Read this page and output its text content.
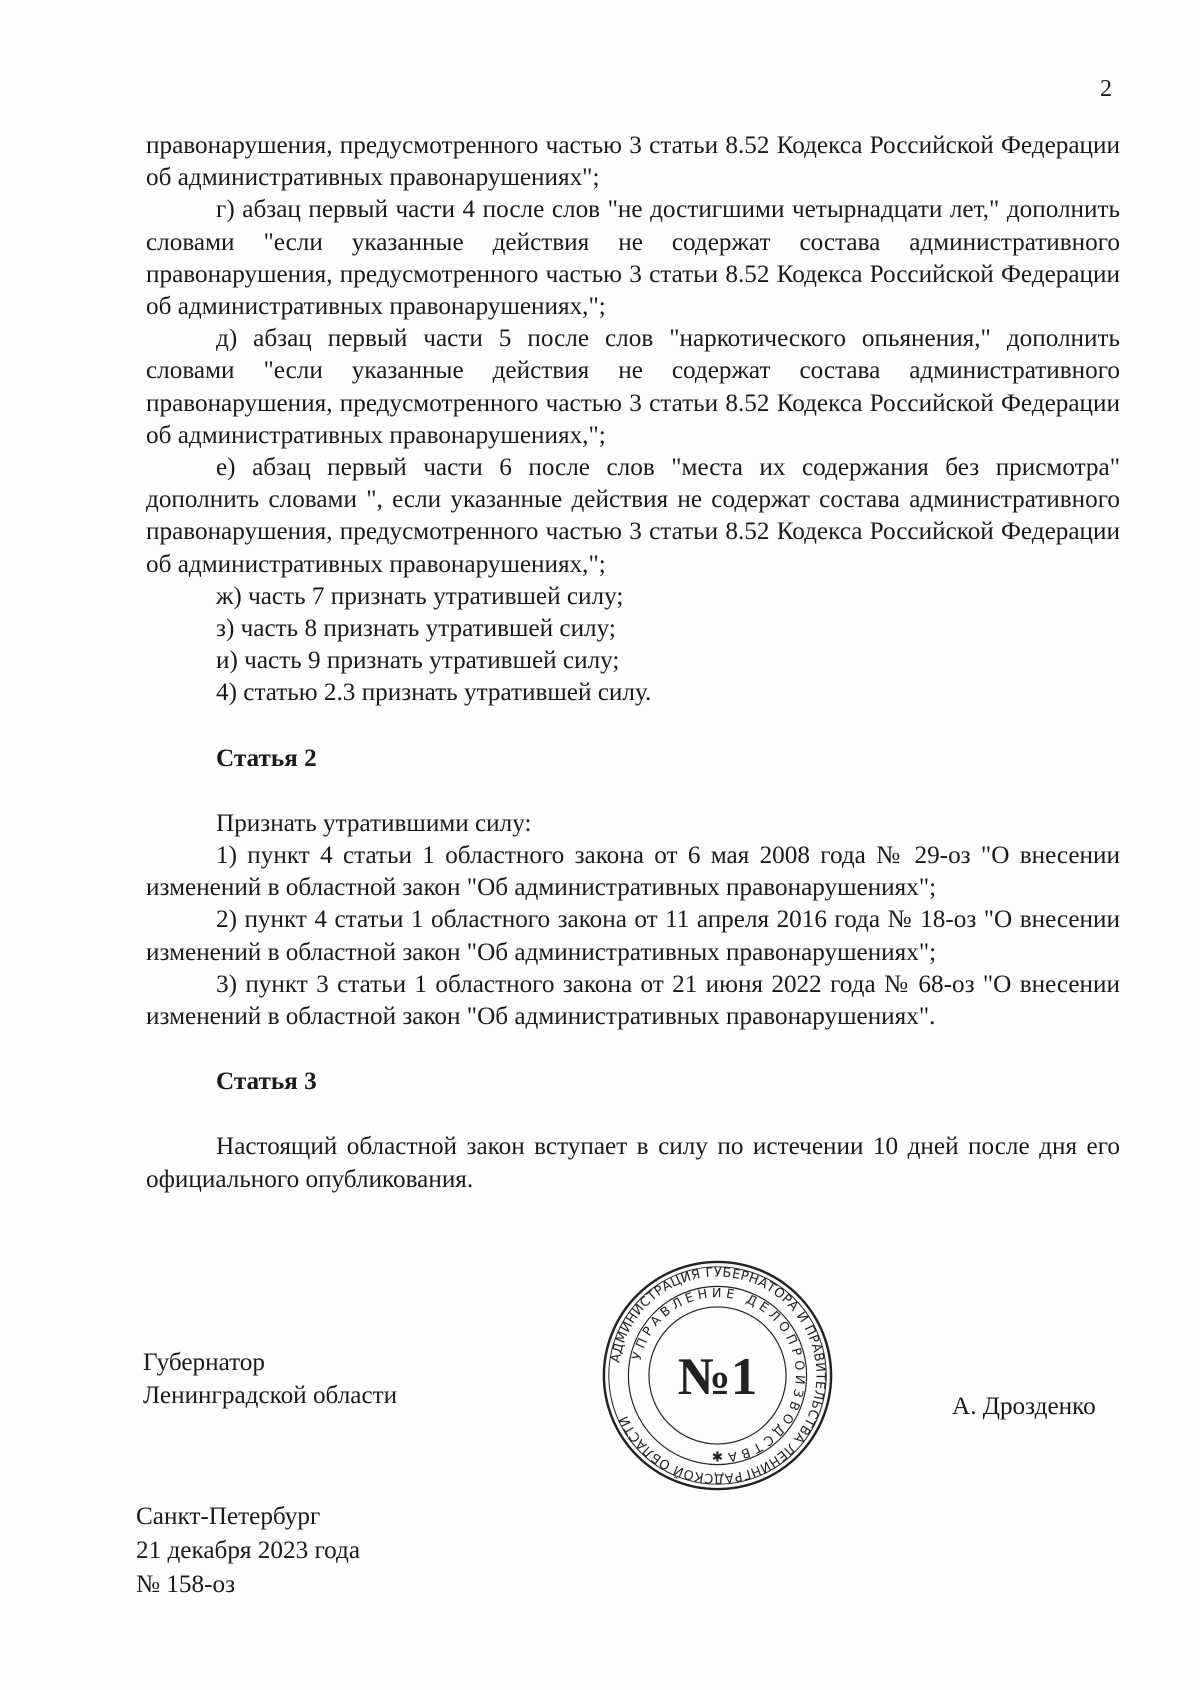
2

правонарушения, предусмотренного частью 3 статьи 8.52 Кодекса Российской Федерации об административных правонарушениях";

г) абзац первый части 4 после слов "не достигшими четырнадцати лет," дополнить словами "если указанные действия не содержат состава административного правонарушения, предусмотренного частью 3 статьи 8.52 Кодекса Российской Федерации об административных правонарушениях,";

д) абзац первый части 5 после слов "наркотического опьянения," дополнить словами "если указанные действия не содержат состава административного правонарушения, предусмотренного частью 3 статьи 8.52 Кодекса Российской Федерации об административных правонарушениях,";

е) абзац первый части 6 после слов "места их содержания без присмотра" дополнить словами ", если указанные действия не содержат состава административного правонарушения, предусмотренного частью 3 статьи 8.52 Кодекса Российской Федерации об административных правонарушениях,";

ж) часть 7 признать утратившей силу;

з) часть 8 признать утратившей силу;

и) часть 9 признать утратившей силу;

4) статью 2.3 признать утратившей силу.

Статья 2

Признать утратившими силу:

1) пункт 4 статьи 1 областного закона от 6 мая 2008 года № 29-оз "О внесении изменений в областной закон "Об административных правонарушениях";

2) пункт 4 статьи 1 областного закона от 11 апреля 2016 года № 18-оз "О внесении изменений в областной закон "Об административных правонарушениях";

3) пункт 3 статьи 1 областного закона от 21 июня 2022 года № 68-оз "О внесении изменений в областной закон "Об административных правонарушениях".

Статья 3

Настоящий областной закон вступает в силу по истечении 10 дней после дня его официального опубликования.

Губернатор
Ленинградской области
АДМИНИСТРАЦИЯ ГУБЕРНАТОРА И ПРАВИТЕЛЬСТВА ЛЕНИНГРАДСКОЙ ОБЛАСТИ
УПРАВЛЕНИЕ ДЕЛОПРОИЗВОДСТВА
№1
✱
А. Дрозденко
Санкт-Петербург
21 декабря 2023 года
№ 158-оз
